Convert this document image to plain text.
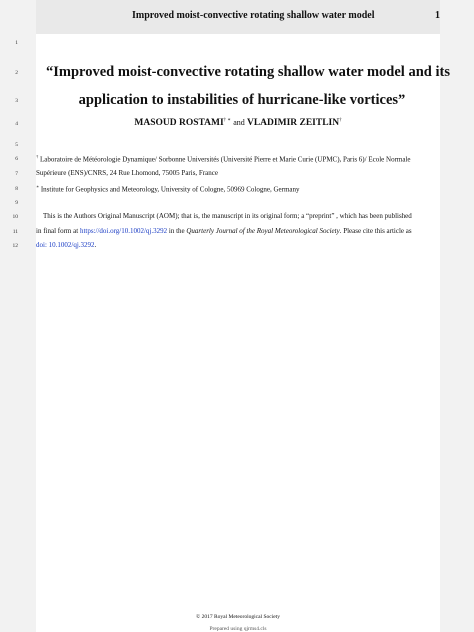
Improved moist-convective rotating shallow water model	1
1
2
3
4
5
6
7
8
9
10
11
12
“Improved moist-convective rotating shallow water model and its
application to instabilities of hurricane-like vortices”
MASOUD ROSTAMI† ∗ and VLADIMIR ZEITLIN†
† Laboratoire de Météorologie Dynamique/ Sorbonne Universités (Université Pierre et Marie Curie (UPMC), Paris 6)/ Ecole Normale
Supérieure (ENS)/CNRS, 24 Rue Lhomond, 75005 Paris, France
∗ Institute for Geophysics and Meteorology, University of Cologne, 50969 Cologne, Germany
This is the Authors Original Manuscript (AOM); that is, the manuscript in its original form; a “preprint” , which has been published
in final form at https://doi.org/10.1002/qj.3292 in the Quarterly Journal of the Royal Meteorological Society. Please cite this article as
doi: 10.1002/qj.3292.
© 2017 Royal Meteorological Society
Prepared using qjrms4.cls
